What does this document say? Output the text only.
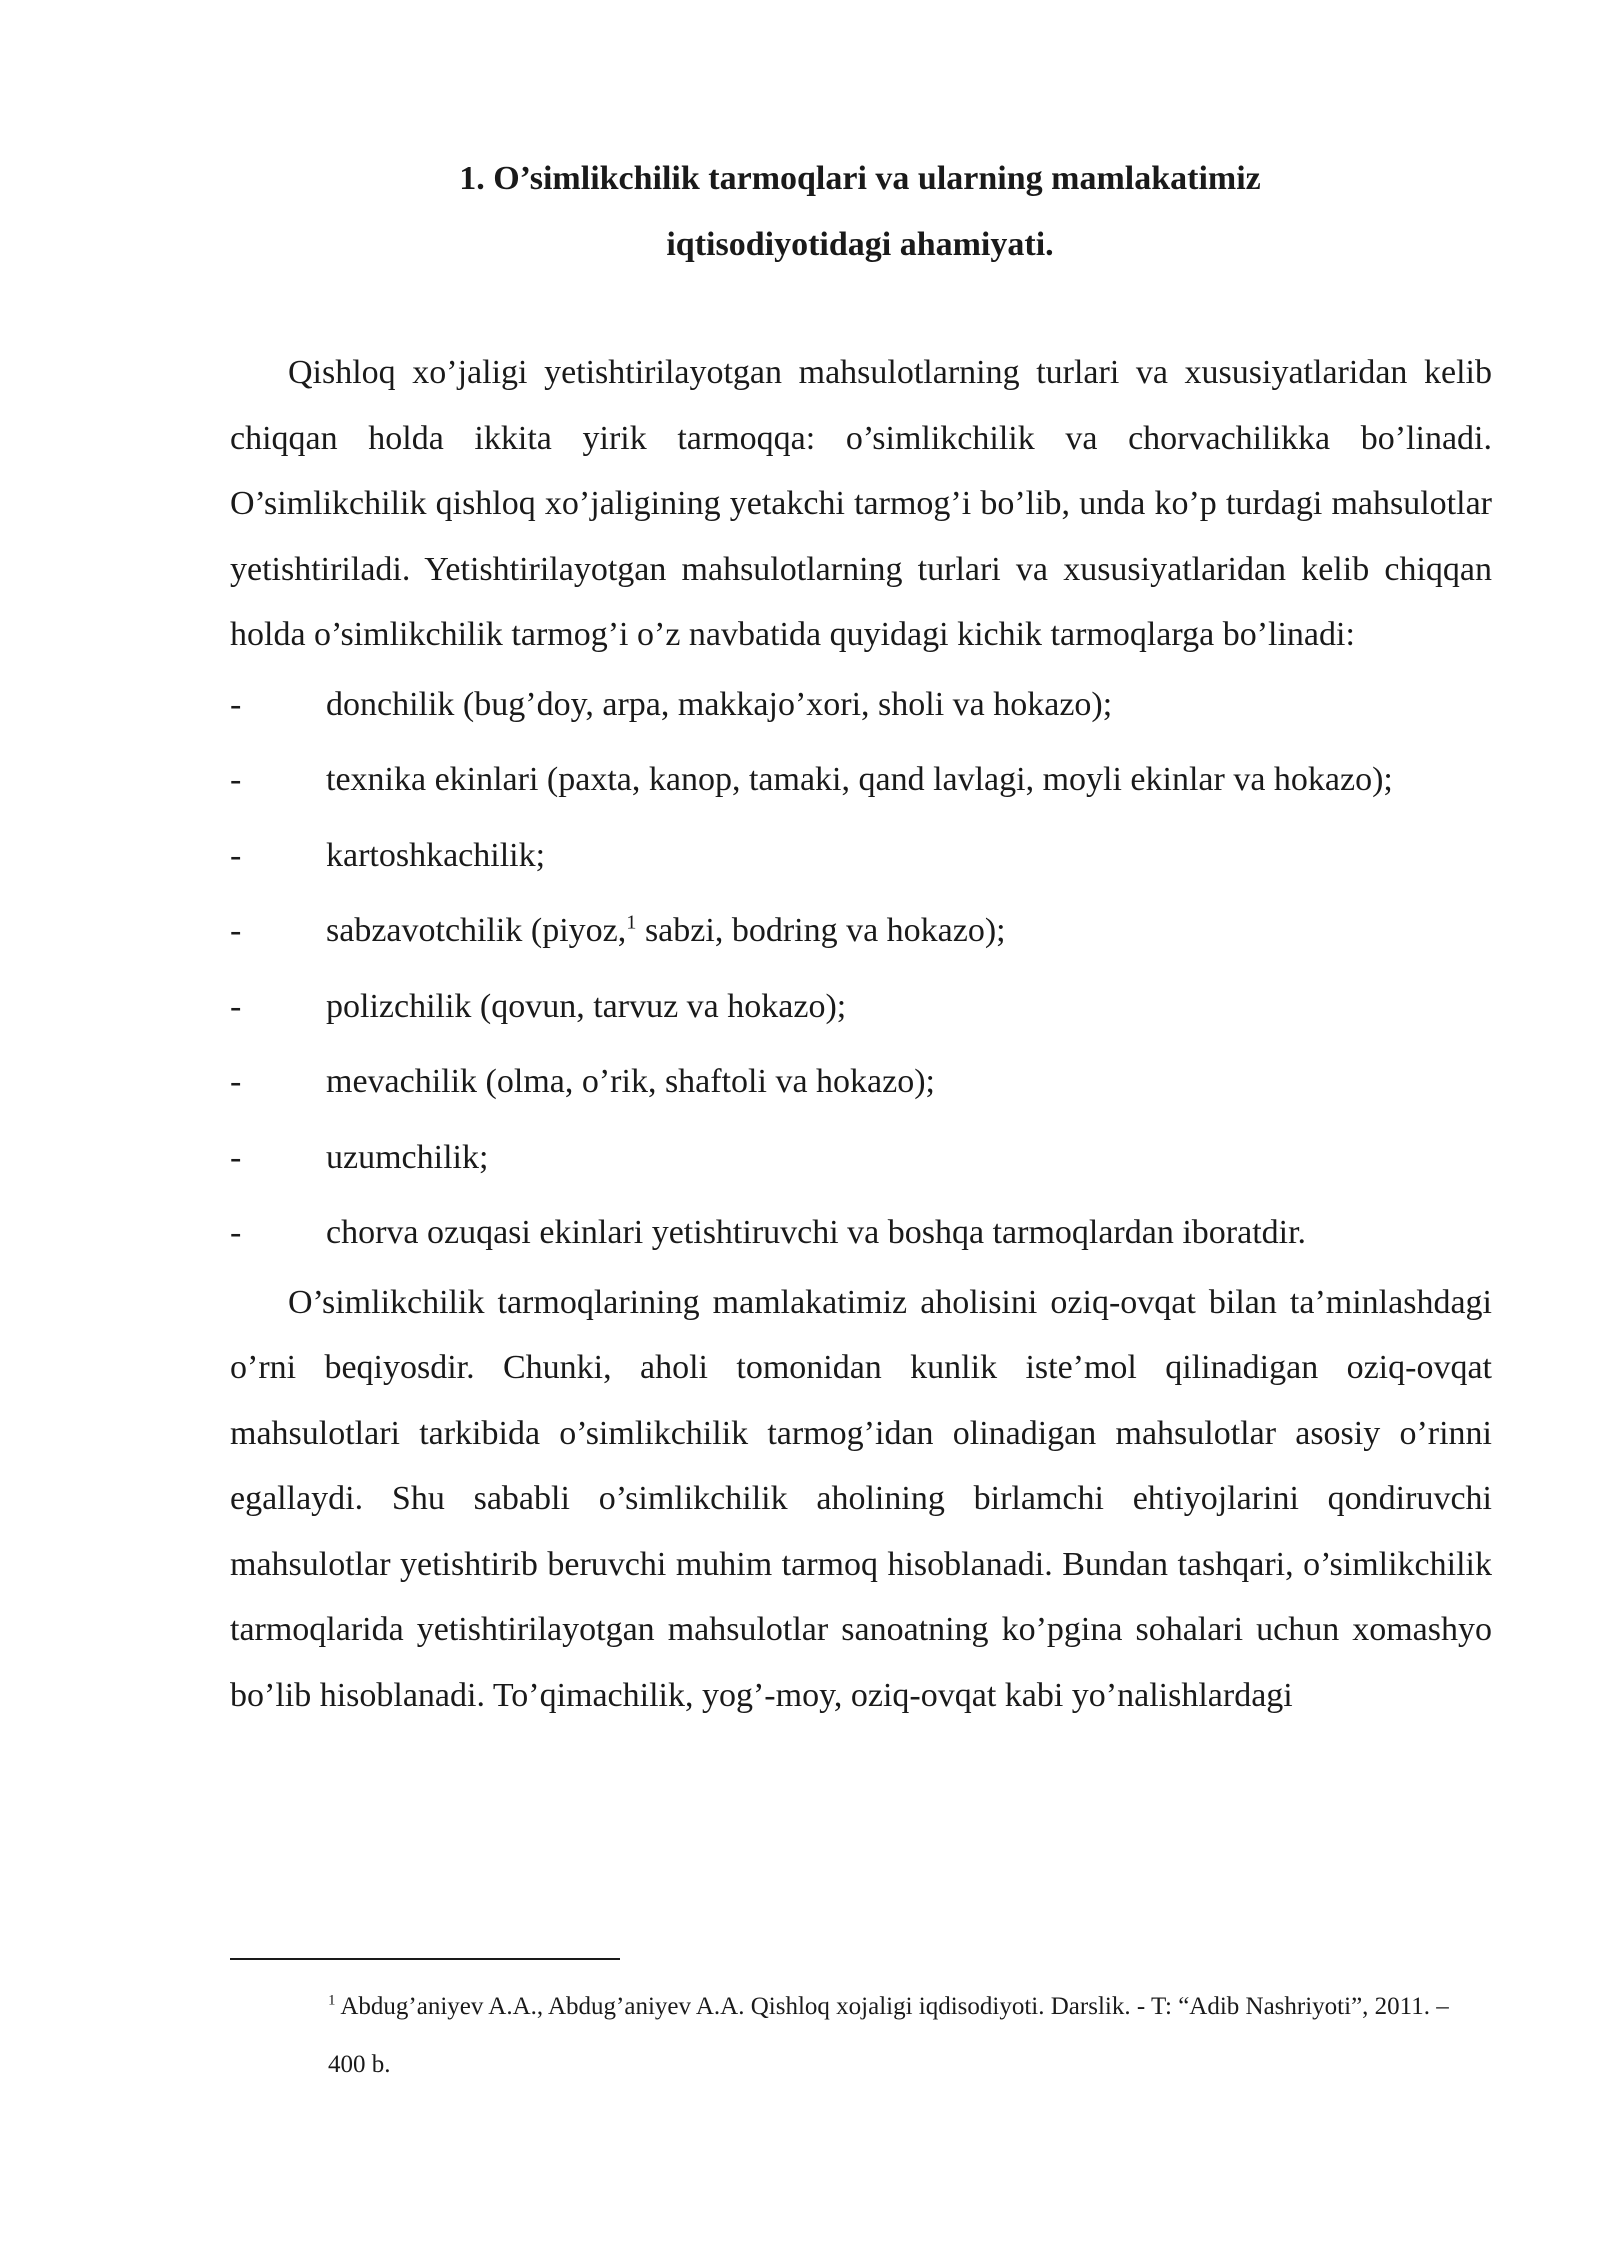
1. O’simlikchilik tarmoqlari va ularning mamlakatimiz
iqtisodiyotidagi ahamiyati.

Qishloq xo’jaligi yetishtirilayotgan mahsulotlarning turlari va xususiyatlaridan kelib chiqqan holda ikkita yirik tarmoqqa: o’simlikchilik va chorvachilikka bo’linadi. O’simlikchilik qishloq xo’jaligining yetakchi tarmog’i bo’lib, unda ko’p turdagi mahsulotlar yetishtiriladi. Yetishtirilayotgan mahsulotlarning turlari va xususiyatlaridan kelib chiqqan holda o’simlikchilik tarmog’i o’z navbatida quyidagi kichik tarmoqlarga bo’linadi:

- donchilik (bug’doy, arpa, makkajo’xori, sholi va hokazo);

- texnika ekinlari (paxta, kanop, tamaki, qand lavlagi, moyli ekinlar va hokazo);

- kartoshkachilik;

- sabzavotchilik (piyoz,$^1$ sabzi, bodring va hokazo);

- polizchilik (qovun, tarvuz va hokazo);

- mevachilik (olma, o’rik, shaftoli va hokazo);

- uzumchilik;

- chorva ozuqasi ekinlari yetishtiruvchi va boshqa tarmoqlardan iboratdir.

O’simlikchilik tarmoqlarining mamlakatimiz aholisini oziq-ovqat bilan ta’minlashdagi o’rni beqiyosdir. Chunki, aholi tomonidan kunlik iste’mol qilinadigan oziq-ovqat mahsulotlari tarkibida o’simlikchilik tarmog’idan olinadigan mahsulotlar asosiy o’rinni egallaydi. Shu sababli o’simlikchilik aholining birlamchi ehtiyojlarini qondiruvchi mahsulotlar yetishtirib beruvchi muhim tarmoq hisoblanadi. Bundan tashqari, o’simlikchilik tarmoqlarida yetishtirilayotgan mahsulotlar sanoatning ko’pgina sohalari uchun xomashyo bo’lib hisoblanadi. To’qimachilik, yog’-moy, oziq-ovqat kabi yo’nalishlardagi

$^1$ Abdug’aniyev A.A., Abdug’aniyev A.A. Qishloq xojaligi iqdisodiyoti. Darslik. - T: “Adib Nashriyoti”, 2011. – 400 b.
